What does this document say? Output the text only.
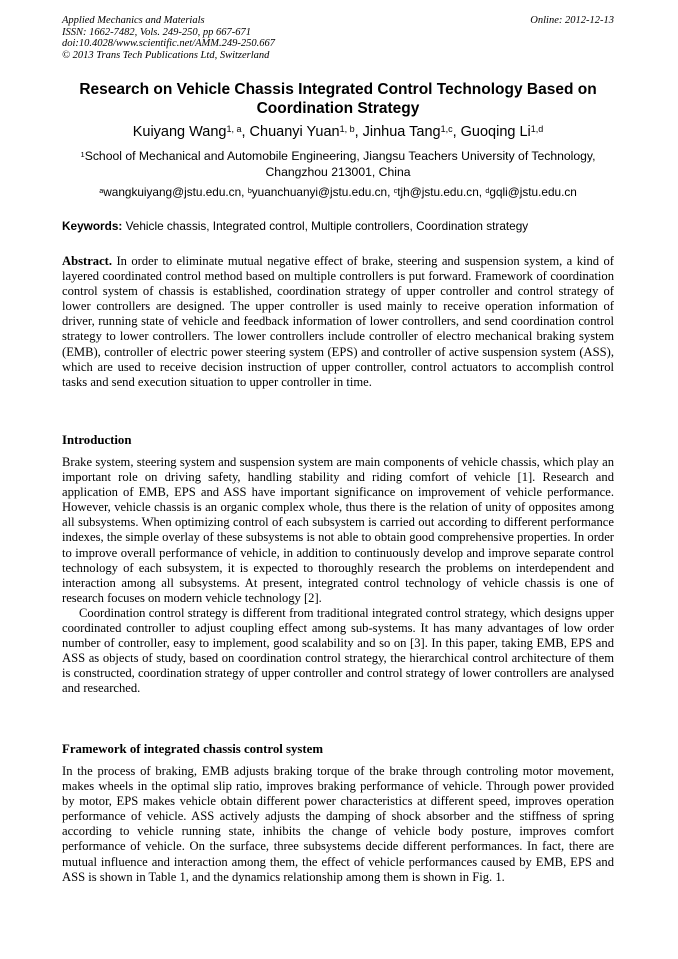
Applied Mechanics and Materials
ISSN: 1662-7482, Vols. 249-250, pp 667-671
doi:10.4028/www.scientific.net/AMM.249-250.667
© 2013 Trans Tech Publications Ltd, Switzerland
Online: 2012-12-13
Research on Vehicle Chassis Integrated Control Technology Based on Coordination Strategy
Kuiyang Wang$^{1, a}$, Chuanyi Yuan$^{1, b}$, Jinhua Tang$^{1,c}$, Guoqing Li$^{1,d}$
$^1$School of Mechanical and Automobile Engineering, Jiangsu Teachers University of Technology, Changzhou 213001, China
$^a$wangkuiyang@jstu.edu.cn, $^b$yuanchuanyi@jstu.edu.cn, $^c$tjh@jstu.edu.cn, $^d$gqli@jstu.edu.cn
Keywords: Vehicle chassis, Integrated control, Multiple controllers, Coordination strategy
Abstract. In order to eliminate mutual negative effect of brake, steering and suspension system, a kind of layered coordinated control method based on multiple controllers is put forward. Framework of coordination control system of chassis is established, coordination strategy of upper controller and control strategy of lower controllers are designed. The upper controller is used mainly to receive operation information of driver, running state of vehicle and feedback information of lower controllers, and send coordination control strategy to lower controllers. The lower controllers include controller of electro mechanical braking system (EMB), controller of electric power steering system (EPS) and controller of active suspension system (ASS), which are used to receive decision instruction of upper controller, control actuators to accomplish control tasks and send execution situation to upper controller in time.
Introduction

Brake system, steering system and suspension system are main components of vehicle chassis, which play an important role on driving safety, handling stability and riding comfort of vehicle [1]. Research and application of EMB, EPS and ASS have important significance on improvement of vehicle performance. However, vehicle chassis is an organic complex whole, thus there is the relation of unity of opposites among all subsystems. When optimizing control of each subsystem is carried out according to different performance indexes, the simple overlay of these subsystems is not able to obtain good comprehensive properties. In order to improve overall performance of vehicle, in addition to continuously develop and improve separate control technology of each subsystem, it is expected to thoroughly research the problems on interdependent and interaction among all subsystems. At present, integrated control technology of vehicle chassis is one of research focuses on modern vehicle technology [2].

Coordination control strategy is different from traditional integrated control strategy, which designs upper coordinated controller to adjust coupling effect among sub-systems. It has many advantages of low order number of controller, easy to implement, good scalability and so on [3]. In this paper, taking EMB, EPS and ASS as objects of study, based on coordination control strategy, the hierarchical control architecture of them is constructed, coordination strategy of upper controller and control strategy of lower controllers are analysed and researched.

Framework of integrated chassis control system

In the process of braking, EMB adjusts braking torque of the brake through controling motor movement, makes wheels in the optimal slip ratio, improves braking performance of vehicle. Through power provided by motor, EPS makes vehicle obtain different power characteristics at different speed, improves operation performance of vehicle. ASS actively adjusts the damping of shock absorber and the stiffness of spring according to vehicle running state, inhibits the change of vehicle body posture, improves comfort performance of vehicle. On the surface, three subsystems decide different performances. In fact, there are mutual influence and interaction among them, the effect of vehicle performances caused by EMB, EPS and ASS is shown in Table 1, and the dynamics relationship among them is shown in Fig. 1.
